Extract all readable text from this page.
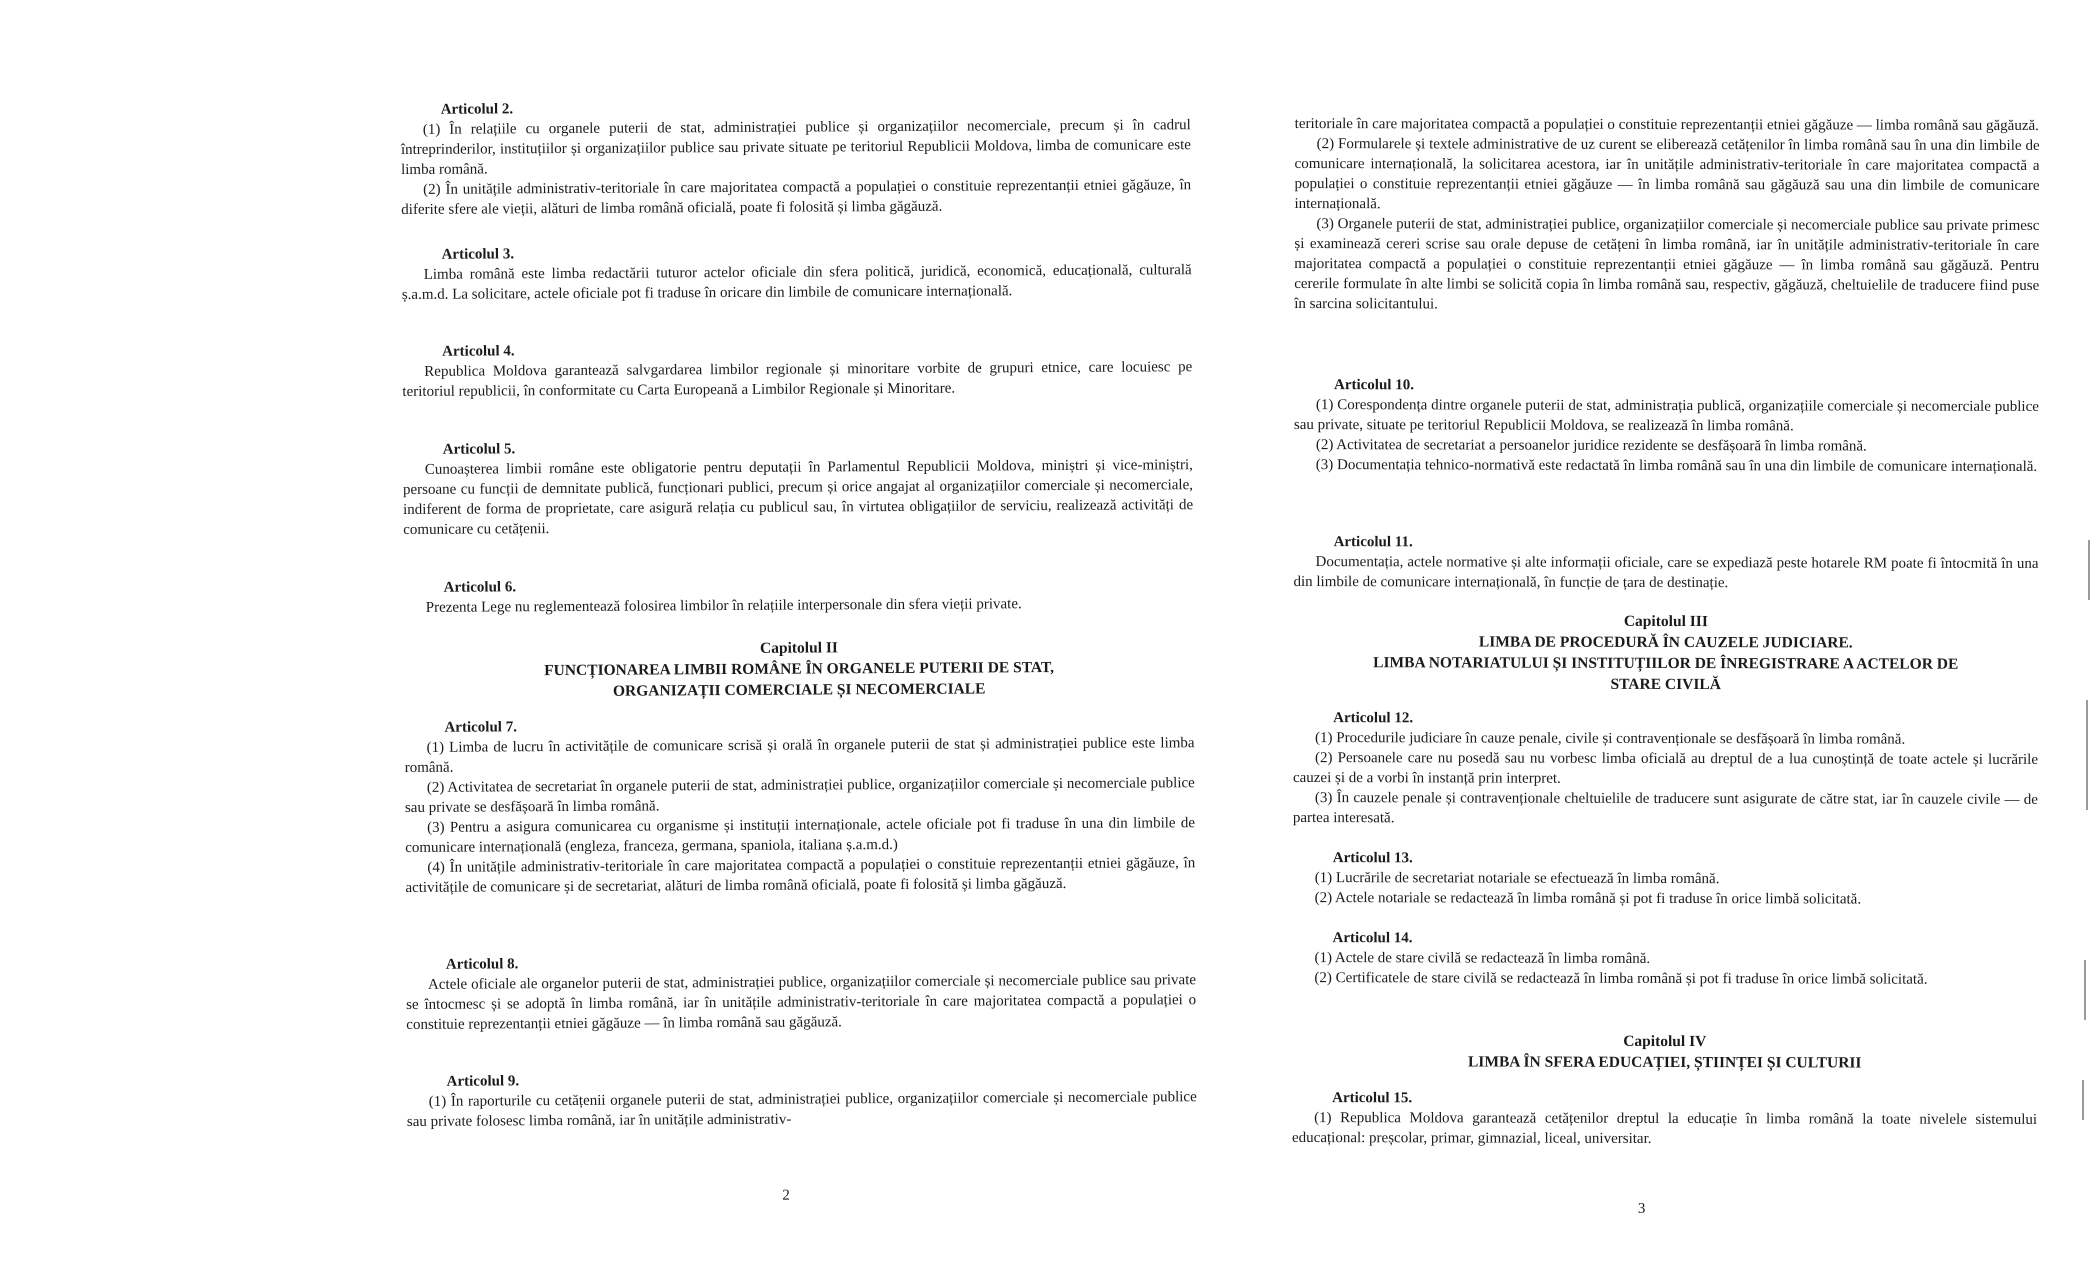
Articolul 2.

(1) În relațiile cu organele puterii de stat, administrației publice și organizațiilor necomerciale, precum și în cadrul întreprinderilor, instituțiilor și organizațiilor publice sau private situate pe teritoriul Republicii Moldova, limba de comunicare este limba română.

(2) În unitățile administrativ-teritoriale în care majoritatea compactă a populației o constituie reprezentanții etniei găgăuze, în diferite sfere ale vieții, alături de limba română oficială, poate fi folosită și limba găgăuză.

Articolul 3.

Limba română este limba redactării tuturor actelor oficiale din sfera politică, juridică, economică, educațională, culturală ș.a.m.d. La solicitare, actele oficiale pot fi traduse în oricare din limbile de comunicare internațională.

Articolul 4.

Republica Moldova garantează salvgardarea limbilor regionale și minoritare vorbite de grupuri etnice, care locuiesc pe teritoriul republicii, în conformitate cu Carta Europeană a Limbilor Regionale și Minoritare.

Articolul 5.

Cunoașterea limbii române este obligatorie pentru deputații în Parlamentul Republicii Moldova, miniștri și vice-miniștri, persoane cu funcții de demnitate publică, funcționari publici, precum și orice angajat al organizațiilor comerciale și necomerciale, indiferent de forma de proprietate, care asigură relația cu publicul sau, în virtutea obligațiilor de serviciu, realizează activități de comunicare cu cetățenii.

Articolul 6.

Prezenta Lege nu reglementează folosirea limbilor în relațiile interpersonale din sfera vieții private.

Capitolul II

FUNCȚIONAREA LIMBII ROMÂNE ÎN ORGANELE PUTERII DE STAT,

ORGANIZAȚII COMERCIALE ȘI NECOMERCIALE

Articolul 7.

(1) Limba de lucru în activitățile de comunicare scrisă și orală în organele puterii de stat și administrației publice este limba română.

(2) Activitatea de secretariat în organele puterii de stat, administrației publice, organizațiilor comerciale și necomerciale publice sau private se desfășoară în limba română.

(3) Pentru a asigura comunicarea cu organisme și instituții internaționale, actele oficiale pot fi traduse în una din limbile de comunicare internațională (engleza, franceza, germana, spaniola, italiana ș.a.m.d.)

(4) În unitățile administrativ-teritoriale în care majoritatea compactă a populației o constituie reprezentanții etniei găgăuze, în activitățile de comunicare și de secretariat, alături de limba română oficială, poate fi folosită și limba găgăuză.

Articolul 8.

Actele oficiale ale organelor puterii de stat, administrației publice, organizațiilor comerciale și necomerciale publice sau private se întocmesc și se adoptă în limba română, iar în unitățile administrativ-teritoriale în care majoritatea compactă a populației o constituie reprezentanții etniei găgăuze — în limba română sau găgăuză.

Articolul 9.

(1) În raporturile cu cetățenii organele puterii de stat, administrației publice, organizațiilor comerciale și necomerciale publice sau private folosesc limba română, iar în unitățile administrativ-

2

teritoriale în care majoritatea compactă a populației o constituie reprezentanții etniei găgăuze — limba română sau găgăuză.

(2) Formularele și textele administrative de uz curent se eliberează cetățenilor în limba română sau în una din limbile de comunicare internațională, la solicitarea acestora, iar în unitățile administrativ-teritoriale în care majoritatea compactă a populației o constituie reprezentanții etniei găgăuze — în limba română sau găgăuză sau una din limbile de comunicare internațională.

(3) Organele puterii de stat, administrației publice, organizațiilor comerciale și necomerciale publice sau private primesc și examinează cereri scrise sau orale depuse de cetățeni în limba română, iar în unitățile administrativ-teritoriale în care majoritatea compactă a populației o constituie reprezentanții etniei găgăuze — în limba română sau găgăuză. Pentru cererile formulate în alte limbi se solicită copia în limba română sau, respectiv, găgăuză, cheltuielile de traducere fiind puse în sarcina solicitantului.

Articolul 10.

(1) Corespondența dintre organele puterii de stat, administrația publică, organizațiile comerciale și necomerciale publice sau private, situate pe teritoriul Republicii Moldova, se realizează în limba română.

(2) Activitatea de secretariat a persoanelor juridice rezidente se desfășoară în limba română.

(3) Documentația tehnico-normativă este redactată în limba română sau în una din limbile de comunicare internațională.

Articolul 11.

Documentația, actele normative și alte informații oficiale, care se expediază peste hotarele RM poate fi întocmită în una din limbile de comunicare internațională, în funcție de țara de destinație.

Capitolul III

LIMBA DE PROCEDURĂ ÎN CAUZELE JUDICIARE.

LIMBA NOTARIATULUI ȘI INSTITUȚIILOR DE ÎNREGISTRARE A ACTELOR DE

STARE CIVILĂ

Articolul 12.

(1) Procedurile judiciare în cauze penale, civile și contravenționale se desfășoară în limba română.

(2) Persoanele care nu posedă sau nu vorbesc limba oficială au dreptul de a lua cunoștință de toate actele și lucrările cauzei și de a vorbi în instanță prin interpret.

(3) În cauzele penale și contravenționale cheltuielile de traducere sunt asigurate de către stat, iar în cauzele civile — de partea interesată.

Articolul 13.

(1) Lucrările de secretariat notariale se efectuează în limba română.

(2) Actele notariale se redactează în limba română și pot fi traduse în orice limbă solicitată.

Articolul 14.

(1) Actele de stare civilă se redactează în limba română.

(2) Certificatele de stare civilă se redactează în limba română și pot fi traduse în orice limbă solicitată.

Capitolul IV

LIMBA ÎN SFERA EDUCAȚIEI, ȘTIINȚEI ȘI CULTURII

Articolul 15.

(1) Republica Moldova garantează cetățenilor dreptul la educație în limba română la toate nivelele sistemului educațional: preșcolar, primar, gimnazial, liceal, universitar.

3
